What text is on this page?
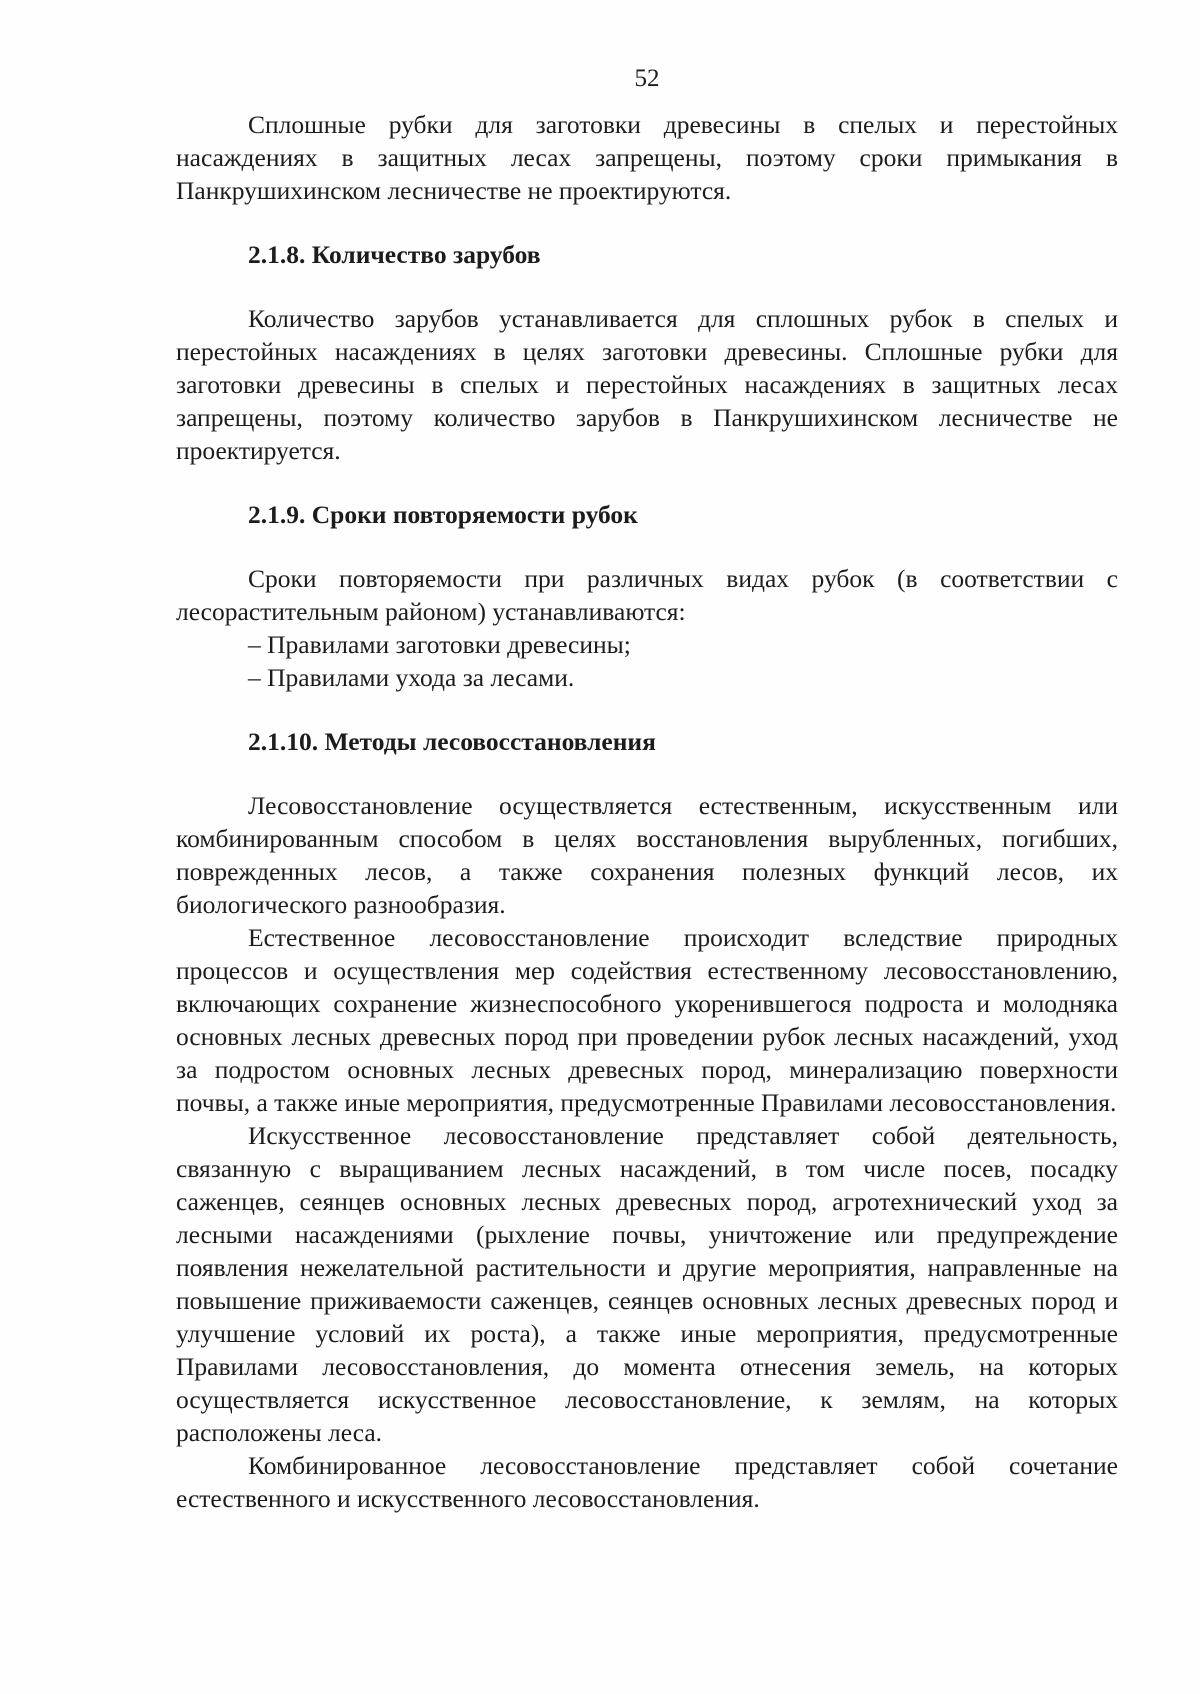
52

Сплошные рубки для заготовки древесины в спелых и перестойных насаждениях в защитных лесах запрещены, поэтому сроки примыкания в Панкрушихинском лесничестве не проектируются.

2.1.8. Количество зарубов

Количество зарубов устанавливается для сплошных рубок в спелых и перестойных насаждениях в целях заготовки древесины. Сплошные рубки для заготовки древесины в спелых и перестойных насаждениях в защитных лесах запрещены, поэтому количество зарубов в Панкрушихинском лесничестве не проектируется.

2.1.9. Сроки повторяемости рубок

Сроки повторяемости при различных видах рубок (в соответствии с лесорастительным районом) устанавливаются:

– Правилами заготовки древесины;
– Правилами ухода за лесами.
2.1.10. Методы лесовосстановления

Лесовосстановление осуществляется естественным, искусственным или комбинированным способом в целях восстановления вырубленных, погибших, поврежденных лесов, а также сохранения полезных функций лесов, их биологического разнообразия.

Естественное лесовосстановление происходит вследствие природных процессов и осуществления мер содействия естественному лесовосстановлению, включающих сохранение жизнеспособного укоренившегося подроста и молодняка основных лесных древесных пород при проведении рубок лесных насаждений, уход за подростом основных лесных древесных пород, минерализацию поверхности почвы, а также иные мероприятия, предусмотренные Правилами лесовосстановления.

Искусственное лесовосстановление представляет собой деятельность, связанную с выращиванием лесных насаждений, в том числе посев, посадку саженцев, сеянцев основных лесных древесных пород, агротехнический уход за лесными насаждениями (рыхление почвы, уничтожение или предупреждение появления нежелательной растительности и другие мероприятия, направленные на повышение приживаемости саженцев, сеянцев основных лесных древесных пород и улучшение условий их роста), а также иные мероприятия, предусмотренные Правилами лесовосстановления, до момента отнесения земель, на которых осуществляется искусственное лесовосстановление, к землям, на которых расположены леса.

Комбинированное лесовосстановление представляет собой сочетание естественного и искусственного лесовосстановления.
